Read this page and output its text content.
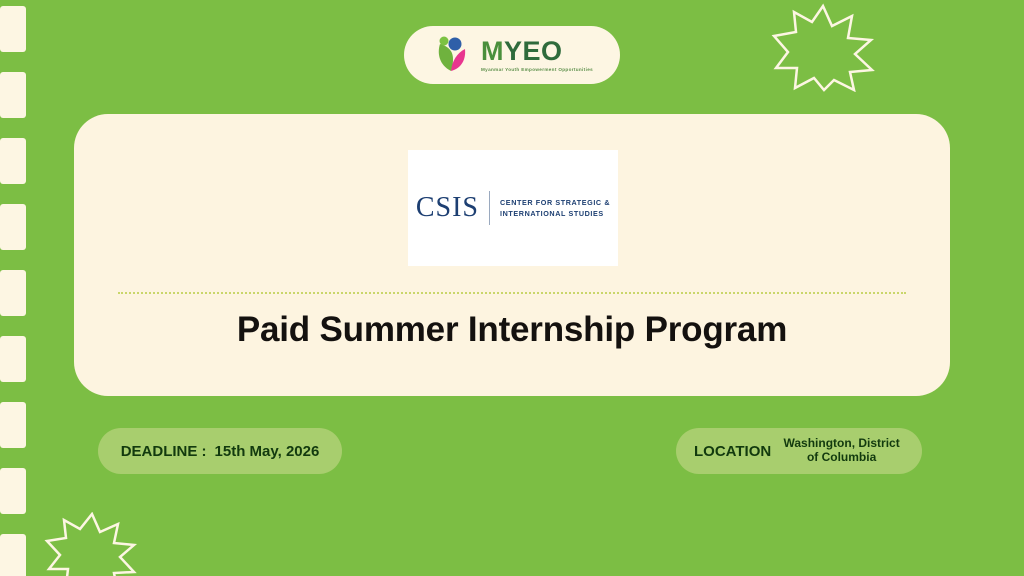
MYEO
Myanmar Youth Empowerment Opportunities
CSIS	CENTER FOR STRATEGIC &
INTERNATIONAL STUDIES
Paid Summer Internship Program
DEADLINE : 15th May, 2026	LOCATION	Washington, District of Columbia
